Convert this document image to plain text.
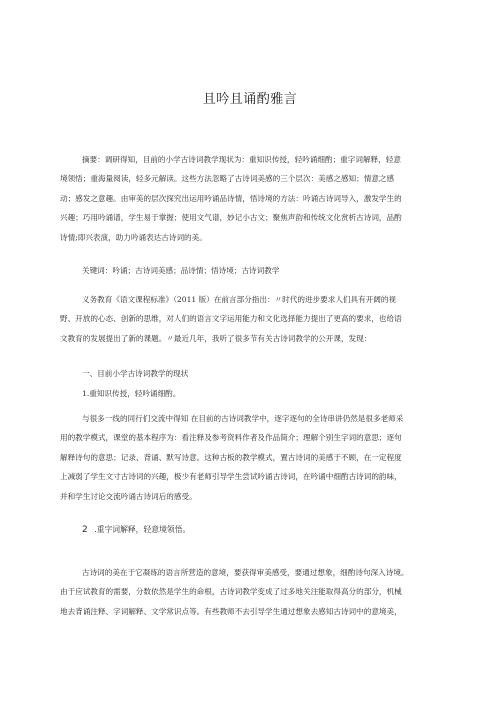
且吟且诵酌雅言
摘要：调研得知，目前的小学古诗词教学现状为：重知识传授，轻吟诵细酌；重字词解释，轻意
境领悟；重海量阅读，轻多元解读。这些方法忽略了古诗词美感的三个层次：美感之感知；情意之感
动；感发之意趣。由审美的层次探究出运用吟诵品诗情，悟诗境的方法：吟诵古诗词导入，激发学生的
兴趣；巧用吟诵谱，学生易于掌握；使用文气谱，妙记小古文；聚焦声韵和传统文化赏析古诗词，品酌
诗情;即兴表演，助力吟诵表达古诗词的美。
关键词：吟诵；古诗词美感；品诗情；悟诗境；古诗词教学
义务教育《语文课程标准》（2011 版）在前言部分指出：〃时代的进步要求人们具有开阔的视
野、开放的心态、创新的思维，对人们的语言文字运用能力和文化选择能力提出了更高的要求，也给语
文教育的发展提出了新的课题。〃最近几年，我听了很多节有关古诗词教学的公开课，发现：
一、目前小学古诗词教学的现状
1.重知识传授，轻吟诵细酌。
与很多一线的同行们交流中得知 在目前的古诗词教学中，逐字逐句的全诗串讲仍然是很多老师采
用的教学模式，课堂的基本程序为：看注释及参考资料作者及作品简介；理解个别生字词的意思；逐句
解释诗句的意思；记录、背诵、默写诗意。这种古板的教学模式，置古诗词的美感于不顾，在一定程度
上减弱了学生文寸古诗词的兴趣，极少有老师引导学生尝试吟诵古诗词，在吟诵中细酌古诗词的韵味，
并和学生讨论交流吟诵古诗词后的感受。
2 .重字词解释，轻意境领悟。
古诗词的美在于它凝练的语言所营造的意境，要获得审美感受，要通过想象，细酌诗句深入诗境。
由于应试教育的需要，分数依然是学生的命根，古诗词教学变成了过多地关注能取得高分的部分，机械
地去背诵注释、字词解释、文学常识点等。有些教师不去引导学生通过想象去感知古诗词中的意境美，
